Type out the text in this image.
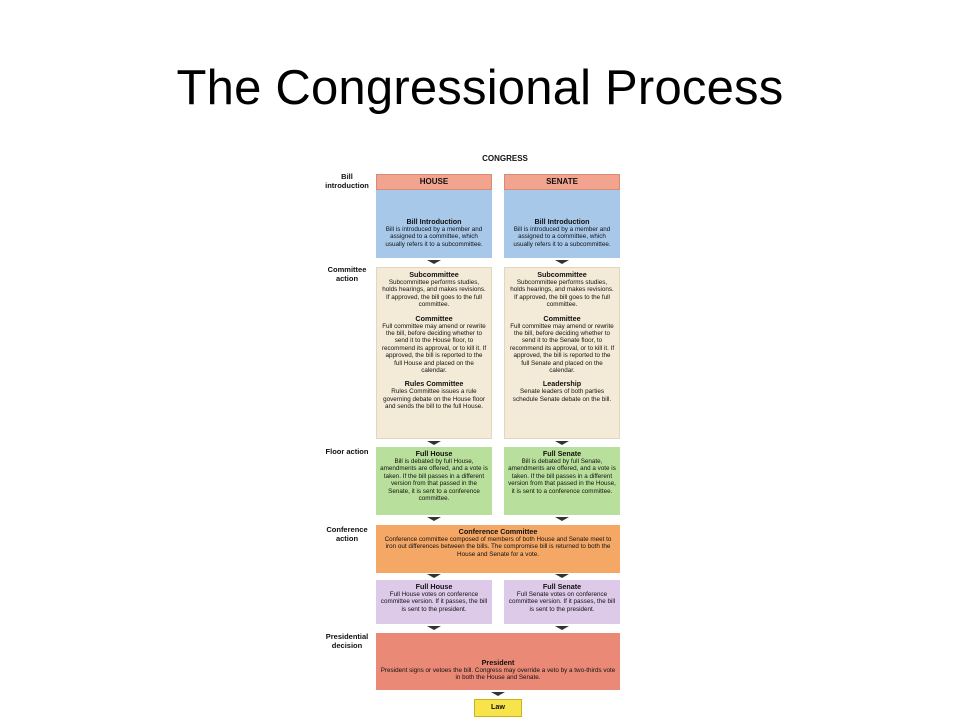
The Congressional Process
CONGRESS
Bill introduction
Committee action
Floor action
Conference action
Presidential decision
HOUSE	SENATE
Bill Introduction
Bill is introduced by a member and assigned to a committee, which usually refers it to a subcommittee.
Bill Introduction
Bill is introduced by a member and assigned to a committee, which usually refers it to a subcommittee.
Subcommittee
Subcommittee performs studies, holds hearings, and makes revisions. If approved, the bill goes to the full committee.
Committee
Full committee may amend or rewrite the bill, before deciding whether to send it to the House floor, to recommend its approval, or to kill it. If approved, the bill is reported to the full House and placed on the calendar.
Rules Committee
Rules Committee issues a rule governing debate on the House floor and sends the bill to the full House.
Subcommittee
Subcommittee performs studies, holds hearings, and makes revisions. If approved, the bill goes to the full committee.
Committee
Full committee may amend or rewrite the bill, before deciding whether to send it to the Senate floor, to recommend its approval, or to kill it. If approved, the bill is reported to the full Senate and placed on the calendar.
Leadership
Senate leaders of both parties schedule Senate debate on the bill.
Full House
Bill is debated by full House, amendments are offered, and a vote is taken. If the bill passes in a different version from that passed in the Senate, it is sent to a conference committee.
Full Senate
Bill is debated by full Senate, amendments are offered, and a vote is taken. If the bill passes in a different version from that passed in the House, it is sent to a conference committee.
Conference Committee
Conference committee composed of members of both House and Senate meet to iron out differences between the bills. The compromise bill is returned to both the House and Senate for a vote.
Full House
Full House votes on conference committee version. If it passes, the bill is sent to the president.
Full Senate
Full Senate votes on conference committee version. If it passes, the bill is sent to the president.
President
President signs or vetoes the bill. Congress may override a veto by a two-thirds vote in both the House and Senate.
Law
